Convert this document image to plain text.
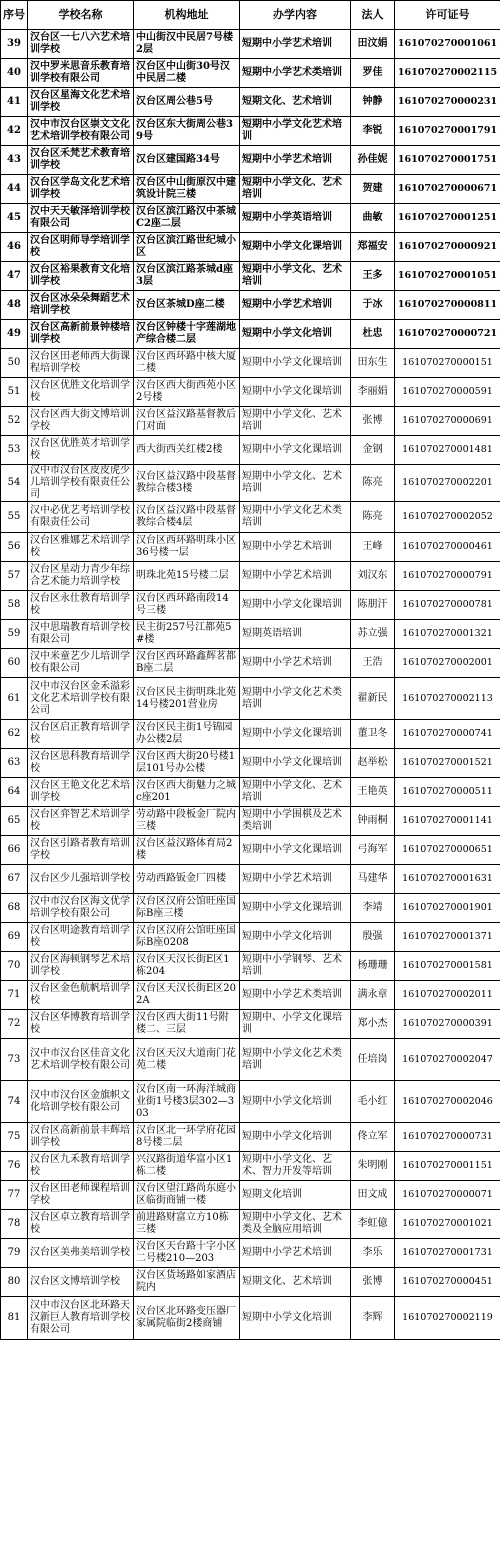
序号	学校名称	机构地址	办学内容	法人	许可证号
39	汉台区一七八六艺术培训学校	中山街汉中民居7号楼2层	短期中小学艺术培训	田汶娟	161070270001061
40	汉中罗米思音乐教育培训学校有限公司	汉台区中山街30号汉中民居二楼	短期中小学艺术类培训	罗佳	161070270002115
41	汉台区星海文化艺术培训学校	汉台区周公巷5号	短期文化、艺术培训	钟静	161070270000231
42	汉中市汉台区崇文文化艺术培训学校有限公司	汉台区东大街周公巷39号	短期中小学文化艺术培训	李锐	161070270001791
43	汉台区禾梵艺术教育培训学校	汉台区建国路34号	短期中小学艺术培训	孙佳妮	161070270001751
44	汉台区学岛文化艺术培训学校	汉台区中山街原汉中建筑设计院三楼	短期中小学文化、艺术培训	贺建	161070270000671
45	汉中天天敏泽培训学校有限公司	汉台区滨江路汉中茶城C2座二层	短期中小学英语培训	曲敏	161070270001251
46	汉台区明师导学培训学校	汉台区滨江路世纪城小区	短期中小学文化课培训	郑福安	161070270000921
47	汉台区裕果教育文化培训学校	汉台区滨江路茶城d座3层	短期中小学文化、艺术培训	王多	161070270001051
48	汉台区冰朵朵舞蹈艺术培训学校	汉台区茶城D座二楼	短期中小学艺术培训	于冰	161070270000811
49	汉台区高新前景钟楼培训学校	汉台区钟楼十字莲湖地产综合楼二层	短期中小学文化培训	杜忠	161070270000721
50	汉台区田老师西大街课程培训学校	汉台区西环路中核大厦二楼	短期中小学文化课培训	田东生	161070270000151
51	汉台区优胜文化培训学校	汉台区西大街西苑小区2号楼	短期中小学文化课培训	李丽娟	161070270000591
52	汉台区西大街文博培训学校	汉台区益汉路基督教后门对面	短期中小学文化、艺术培训	张博	161070270000691
53	汉台区优胜英才培训学校	西大街西关红楼2楼	短期中小学文化课培训	金钢	161070270001481
54	汉中市汉台区皮皮虎少儿培训学校有限责任公司	汉台区益汉路中段基督教综合楼3楼	短期中小学文化、艺术培训	陈亮	161070270002201
55	汉中必优艺考培训学校有限责任公司	汉台区益汉路中段基督教综合楼4层	短期中小学文化艺术类培训	陈亮	161070270002052
56	汉台区雅娜艺术培训学校	汉台区西环路明珠小区36号楼一层	短期中小学艺术培训	王峰	161070270000461
57	汉台区星动力青少年综合艺术能力培训学校	明珠北苑15号楼二层	短期中小学艺术培训	刘汉东	161070270000791
58	汉台区永仕教育培训学校	汉台区西环路南段14号三楼	短期中小学文化课培训	陈朋汗	161070270000781
59	汉中思瑞教育培训学校有限公司	民主街257号江都苑5#楼	短期英语培训	苏立强	161070270001321
60	汉中米童艺少儿培训学校有限公司	汉台区西环路鑫辉茗都B座二层	短期中小学艺术培训	王浩	161070270002001
61	汉中市汉台区金禾溢彩文化艺术培训学校有限公司	汉台区民主街明珠北苑14号楼201营业房	短期中小学文化艺术类培训	翟新民	161070270002113
62	汉台区启正教育培训学校	汉台区民主街1号锦园办公楼2层	短期中小学文化课培训	董卫冬	161070270000741
63	汉台区思科教育培训学校	汉台区西大街20号楼1层101号办公楼	短期中小学文化课培训	赵举松	161070270001521
64	汉台区王艳文化艺术培训学校	汉台区西大街魅力之城c座201	短期中小学文化、艺术培训	王艳英	161070270000511
65	汉台区弈智艺术培训学校	劳动路中段板金厂院内三楼	短期中小学围棋及艺术类培训	钟雨桐	161070270001141
66	汉台区引路者教育培训学校	汉台区益汉路体育局2楼	短期中小学文化课培训	弓海军	161070270000651
67	汉台区少儿强培训学校	劳动西路钣金厂四楼	短期中小学艺术培训	马建华	161070270001631
68	汉中市汉台区海文优学培训学校有限公司	汉台区汉府公馆旺座国际B座三楼	短期中小学文化课培训	李靖	161070270001901
69	汉台区明途教育培训学校	汉台区汉府公馆旺座国际B座0208	短期中小学文化培训	殷强	161070270001371
70	汉台区海顿钢琴艺术培训学校	汉台区天汉长街E区1栋204	短期中小学钢琴、艺术培训	杨珊珊	161070270001581
71	汉台区金色航帆培训学校	汉台区天汉长街E区202A	短期中小学艺术类培训	满永章	161070270002011
72	汉台区华博教育培训学校	汉台区西大街11号附楼二、三层	短期中、小学文化课培训	郑小杰	161070270000391
73	汉中市汉台区佳音文化艺术培训学校有限公司	汉台区天汉大道南门花苑二楼	短期中小学文化艺术类培训	任培岗	161070270002047
74	汉中市汉台区金旗帜文化培训学校有限公司	汉台区南一环海洋城商业街1号楼3层302—303	短期中小学文化培训	毛小红	161070270002046
75	汉台区高新前景丰辉培训学校	汉台区北一环学府花园8号楼二层	短期中小学文化培训	佟立军	161070270000731
76	汉台区九禾教育培训学校	兴汉路街道华富小区1栋二楼	短期中小学文化、艺术、智力开发等培训	朱明刚	161070270001151
77	汉台区田老师课程培训学校	汉台区望江路尚东庭小区临街商铺一楼	短期文化培训	田文成	161070270000071
78	汉台区卓立教育培训学校	前进路财富立方10栋三楼	短期中小学文化、艺术类及全脑应用培训	李虹億	161070270001021
79	汉台区美弗美培训学校	汉台区天台路十字小区二号楼210—203	短期中小学艺术培训	李乐	161070270001731
80	汉台区文博培训学校	汉台区货场路如家酒店院内	短期文化、艺术培训	张博	161070270000451
81	汉中市汉台区北环路天汉新巨人教育培训学校有限公司	汉台区北环路变压器厂家属院临街2楼商铺	短期中小学文化培训	李辉	161070270002119
